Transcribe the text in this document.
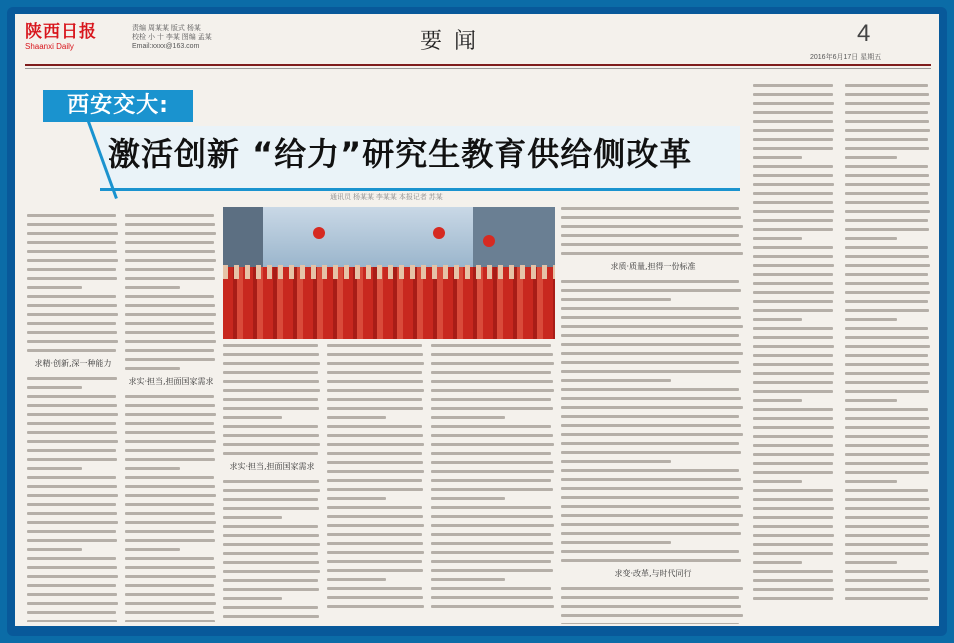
陕西日报
Shaanxi Daily
责编 周某某 版式 杨某
校检 小 十 李某 图编 孟某
Email:xxxx@163.com	要闻	4
2016年6月17日 星期五
西安交大:
激活创新 “给力”研究生教育供给侧改革
通讯员 杨某某 李某某 本报记者 苏某
求精·创新,深一种能力
求实·担当,担面国家需求
求实·担当,担面国家需求
求质·质量,担得一份标准
求变·改革,与时代同行
